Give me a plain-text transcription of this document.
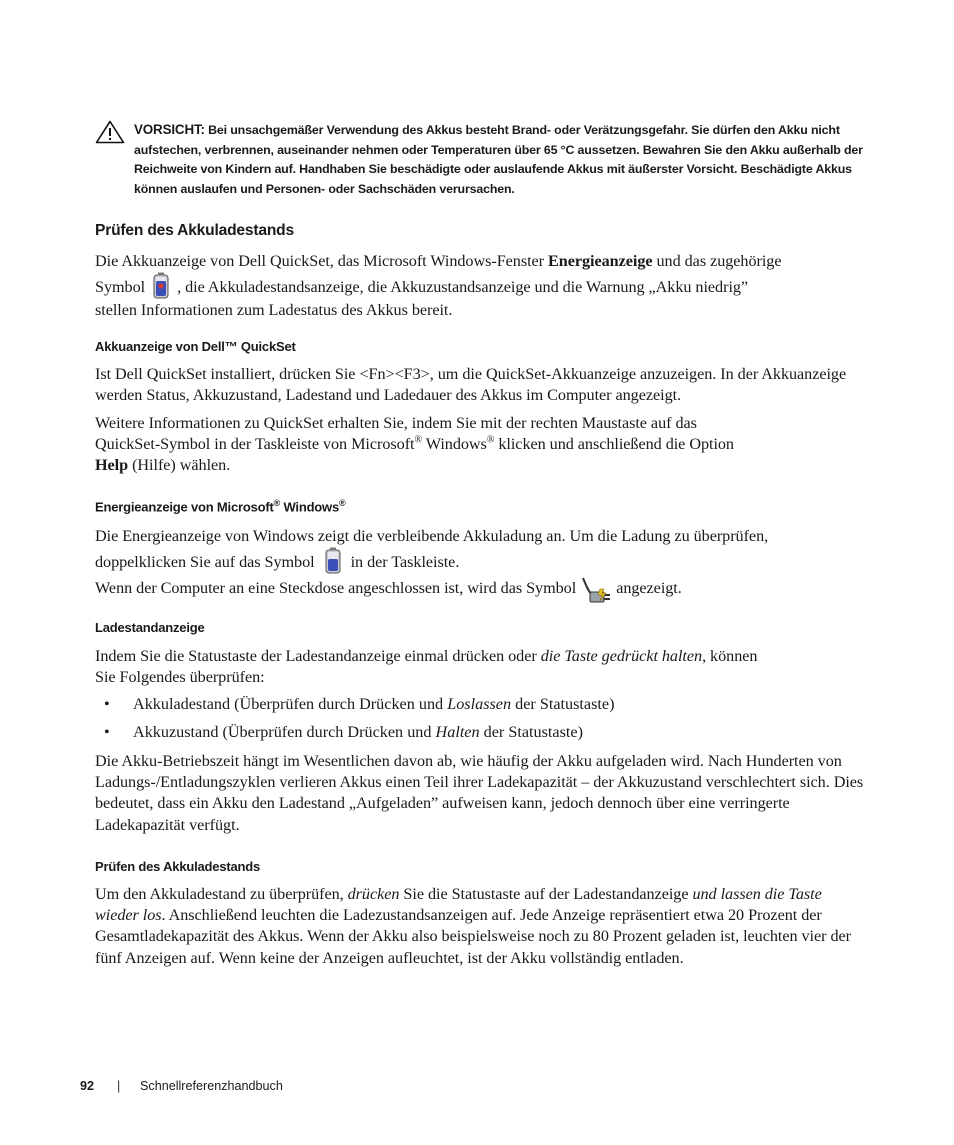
VORSICHT: Bei unsachgemäßer Verwendung des Akkus besteht Brand- oder Verätzungsgefahr. Sie dürfen den Akku nicht aufstechen, verbrennen, auseinander nehmen oder Temperaturen über 65 °C aussetzen. Bewahren Sie den Akku außerhalb der Reichweite von Kindern auf. Handhaben Sie beschädigte oder auslaufende Akkus mit äußerster Vorsicht. Beschädigte Akkus können auslaufen und Personen- oder Sachschäden verursachen.
Prüfen des Akkuladestands

Die Akkuanzeige von Dell QuickSet, das Microsoft Windows-Fenster Energieanzeige und das zugehörige
Symbol , die Akkuladestandsanzeige, die Akkuzustandsanzeige und die Warnung „Akku niedrig”
stellen Informationen zum Ladestatus des Akkus bereit.

Akkuanzeige von Dell™ QuickSet

Ist Dell QuickSet installiert, drücken Sie <Fn><F3>, um die QuickSet-Akkuanzeige anzuzeigen. In der Akkuanzeige werden Status, Akkuzustand, Ladestand und Ladedauer des Akkus im Computer angezeigt.

Weitere Informationen zu QuickSet erhalten Sie, indem Sie mit der rechten Maustaste auf das
QuickSet-Symbol in der Taskleiste von Microsoft® Windows® klicken und anschließend die Option
Help (Hilfe) wählen.

Energieanzeige von Microsoft® Windows®

Die Energieanzeige von Windows zeigt die verbleibende Akkuladung an. Um die Ladung zu überprüfen,
doppelklicken Sie auf das Symbol in der Taskleiste.

Wenn der Computer an eine Steckdose angeschlossen ist, wird das Symbol angezeigt.

Ladestandanzeige

Indem Sie die Statustaste der Ladestandanzeige einmal drücken oder die Taste gedrückt halten, können
Sie Folgendes überprüfen:

• Akkuladestand (Überprüfen durch Drücken und Loslassen der Statustaste)
• Akkuzustand (Überprüfen durch Drücken und Halten der Statustaste)

Die Akku-Betriebszeit hängt im Wesentlichen davon ab, wie häufig der Akku aufgeladen wird. Nach Hunderten von Ladungs-/Entladungszyklen verlieren Akkus einen Teil ihrer Ladekapazität – der Akkuzustand verschlechtert sich. Dies bedeutet, dass ein Akku den Ladestand „Aufgeladen” aufweisen kann, jedoch dennoch über eine verringerte Ladekapazität verfügt.

Prüfen des Akkuladestands

Um den Akkuladestand zu überprüfen, drücken Sie die Statustaste auf der Ladestandanzeige und lassen die Taste wieder los. Anschließend leuchten die Ladezustandsanzeigen auf. Jede Anzeige repräsentiert etwa 20 Prozent der Gesamtladekapazität des Akkus. Wenn der Akku also beispielsweise noch zu 80 Prozent geladen ist, leuchten vier der fünf Anzeigen auf. Wenn keine der Anzeigen aufleuchtet, ist der Akku vollständig entladen.

92 | Schnellreferenzhandbuch
